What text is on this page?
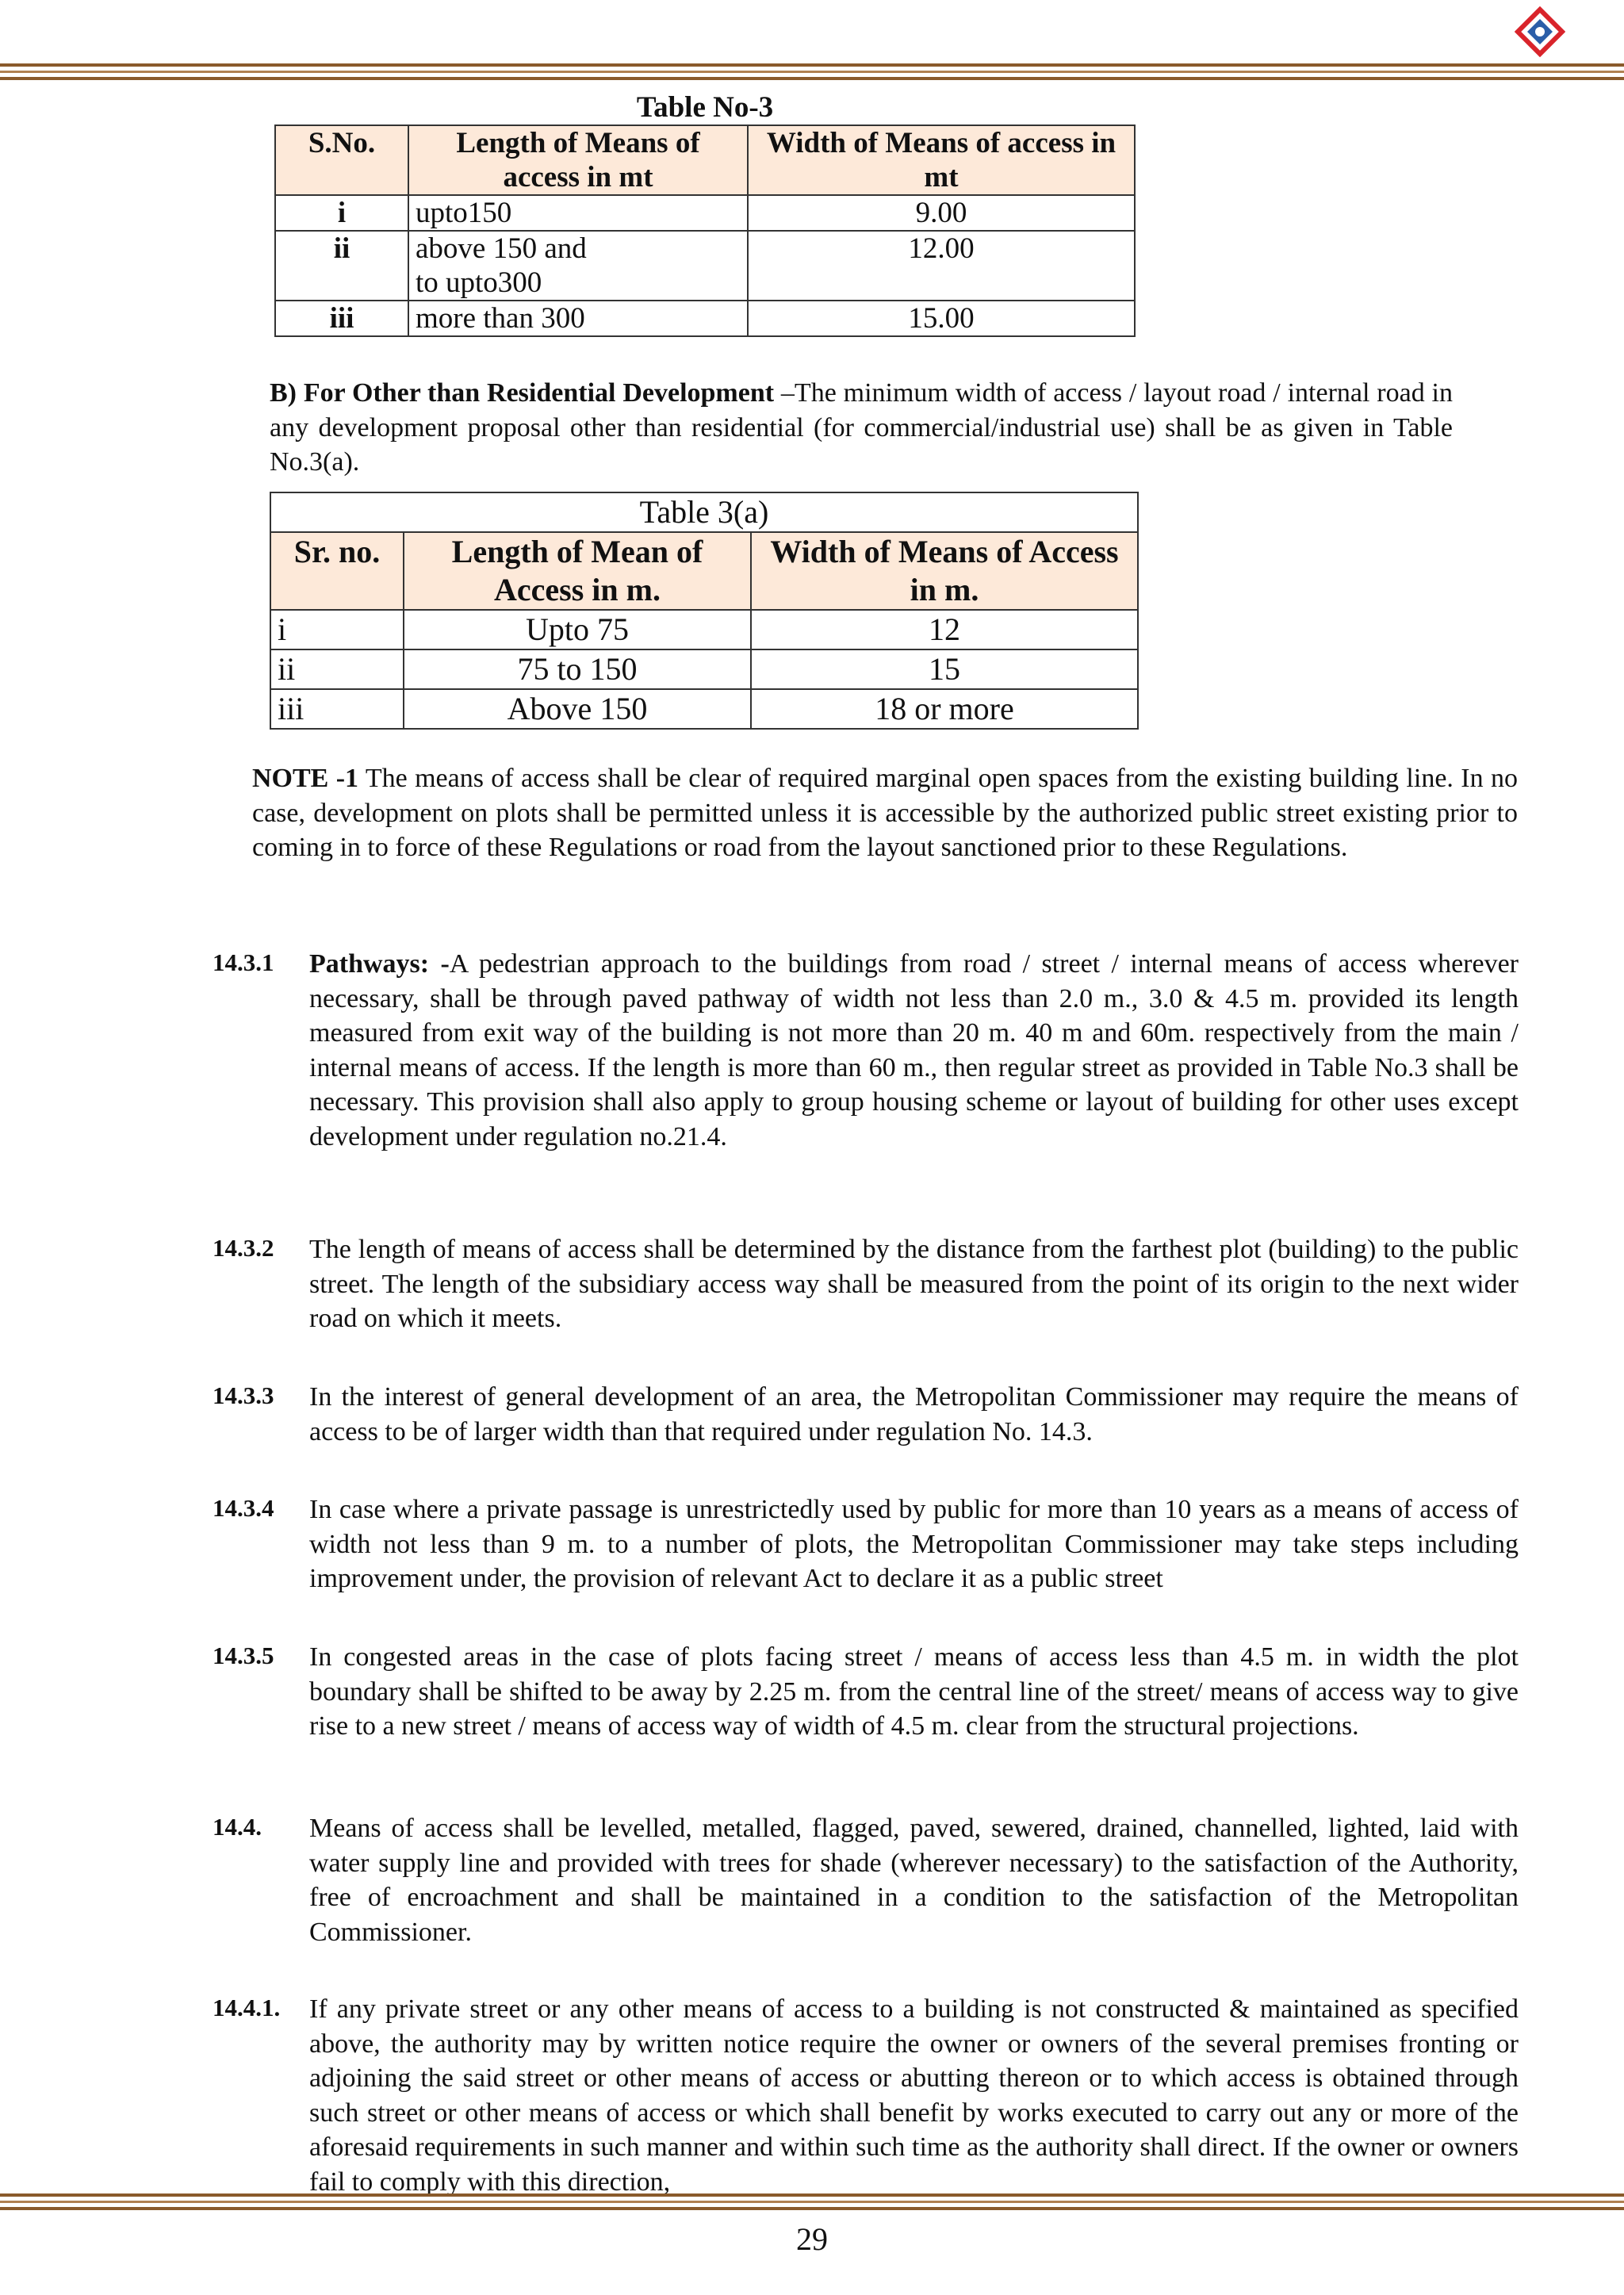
Table No-3		
S.No.	Length of Means of access in mt	Width of Means of access in mt
i	upto150	9.00
ii	above 150 and to upto300	12.00
iii	more than 300	15.00
B) For Other than Residential Development –The minimum width of access / layout road / internal road in any development proposal other than residential (for commercial/industrial use) shall be as given in Table No.3(a).
Table 3(a)		
Sr. no.	Length of Mean of Access in m.	Width of Means of Access in m.
i	Upto 75	12
ii	75 to 150	15
iii	Above 150	18 or more
NOTE -1 The means of access shall be clear of required marginal open spaces from the existing building line. In no case, development on plots shall be permitted unless it is accessible by the authorized public street existing prior to coming in to force of these Regulations or road from the layout sanctioned prior to these Regulations.
14.3.1 Pathways: -A pedestrian approach to the buildings from road / street / internal means of access wherever necessary, shall be through paved pathway of width not less than 2.0 m., 3.0 & 4.5 m. provided its length measured from exit way of the building is not more than 20 m. 40 m and 60m. respectively from the main / internal means of access. If the length is more than 60 m., then regular street as provided in Table No.3 shall be necessary. This provision shall also apply to group housing scheme or layout of building for other uses except development under regulation no.21.4.
14.3.2 The length of means of access shall be determined by the distance from the farthest plot (building) to the public street. The length of the subsidiary access way shall be measured from the point of its origin to the next wider road on which it meets.
14.3.3 In the interest of general development of an area, the Metropolitan Commissioner may require the means of access to be of larger width than that required under regulation No. 14.3.
14.3.4 In case where a private passage is unrestrictedly used by public for more than 10 years as a means of access of width not less than 9 m. to a number of plots, the Metropolitan Commissioner may take steps including improvement under, the provision of relevant Act to declare it as a public street
14.3.5 In congested areas in the case of plots facing street / means of access less than 4.5 m. in width the plot boundary shall be shifted to be away by 2.25 m. from the central line of the street/ means of access way to give rise to a new street / means of access way of width of 4.5 m. clear from the structural projections.
14.4. Means of access shall be levelled, metalled, flagged, paved, sewered, drained, channelled, lighted, laid with water supply line and provided with trees for shade (wherever necessary) to the satisfaction of the Authority, free of encroachment and shall be maintained in a condition to the satisfaction of the Metropolitan Commissioner.
14.4.1. If any private street or any other means of access to a building is not constructed & maintained as specified above, the authority may by written notice require the owner or owners of the several premises fronting or adjoining the said street or other means of access or abutting thereon or to which access is obtained through such street or other means of access or which shall benefit by works executed to carry out any or more of the aforesaid requirements in such manner and within such time as the authority shall direct. If the owner or owners fail to comply with this direction,
29
